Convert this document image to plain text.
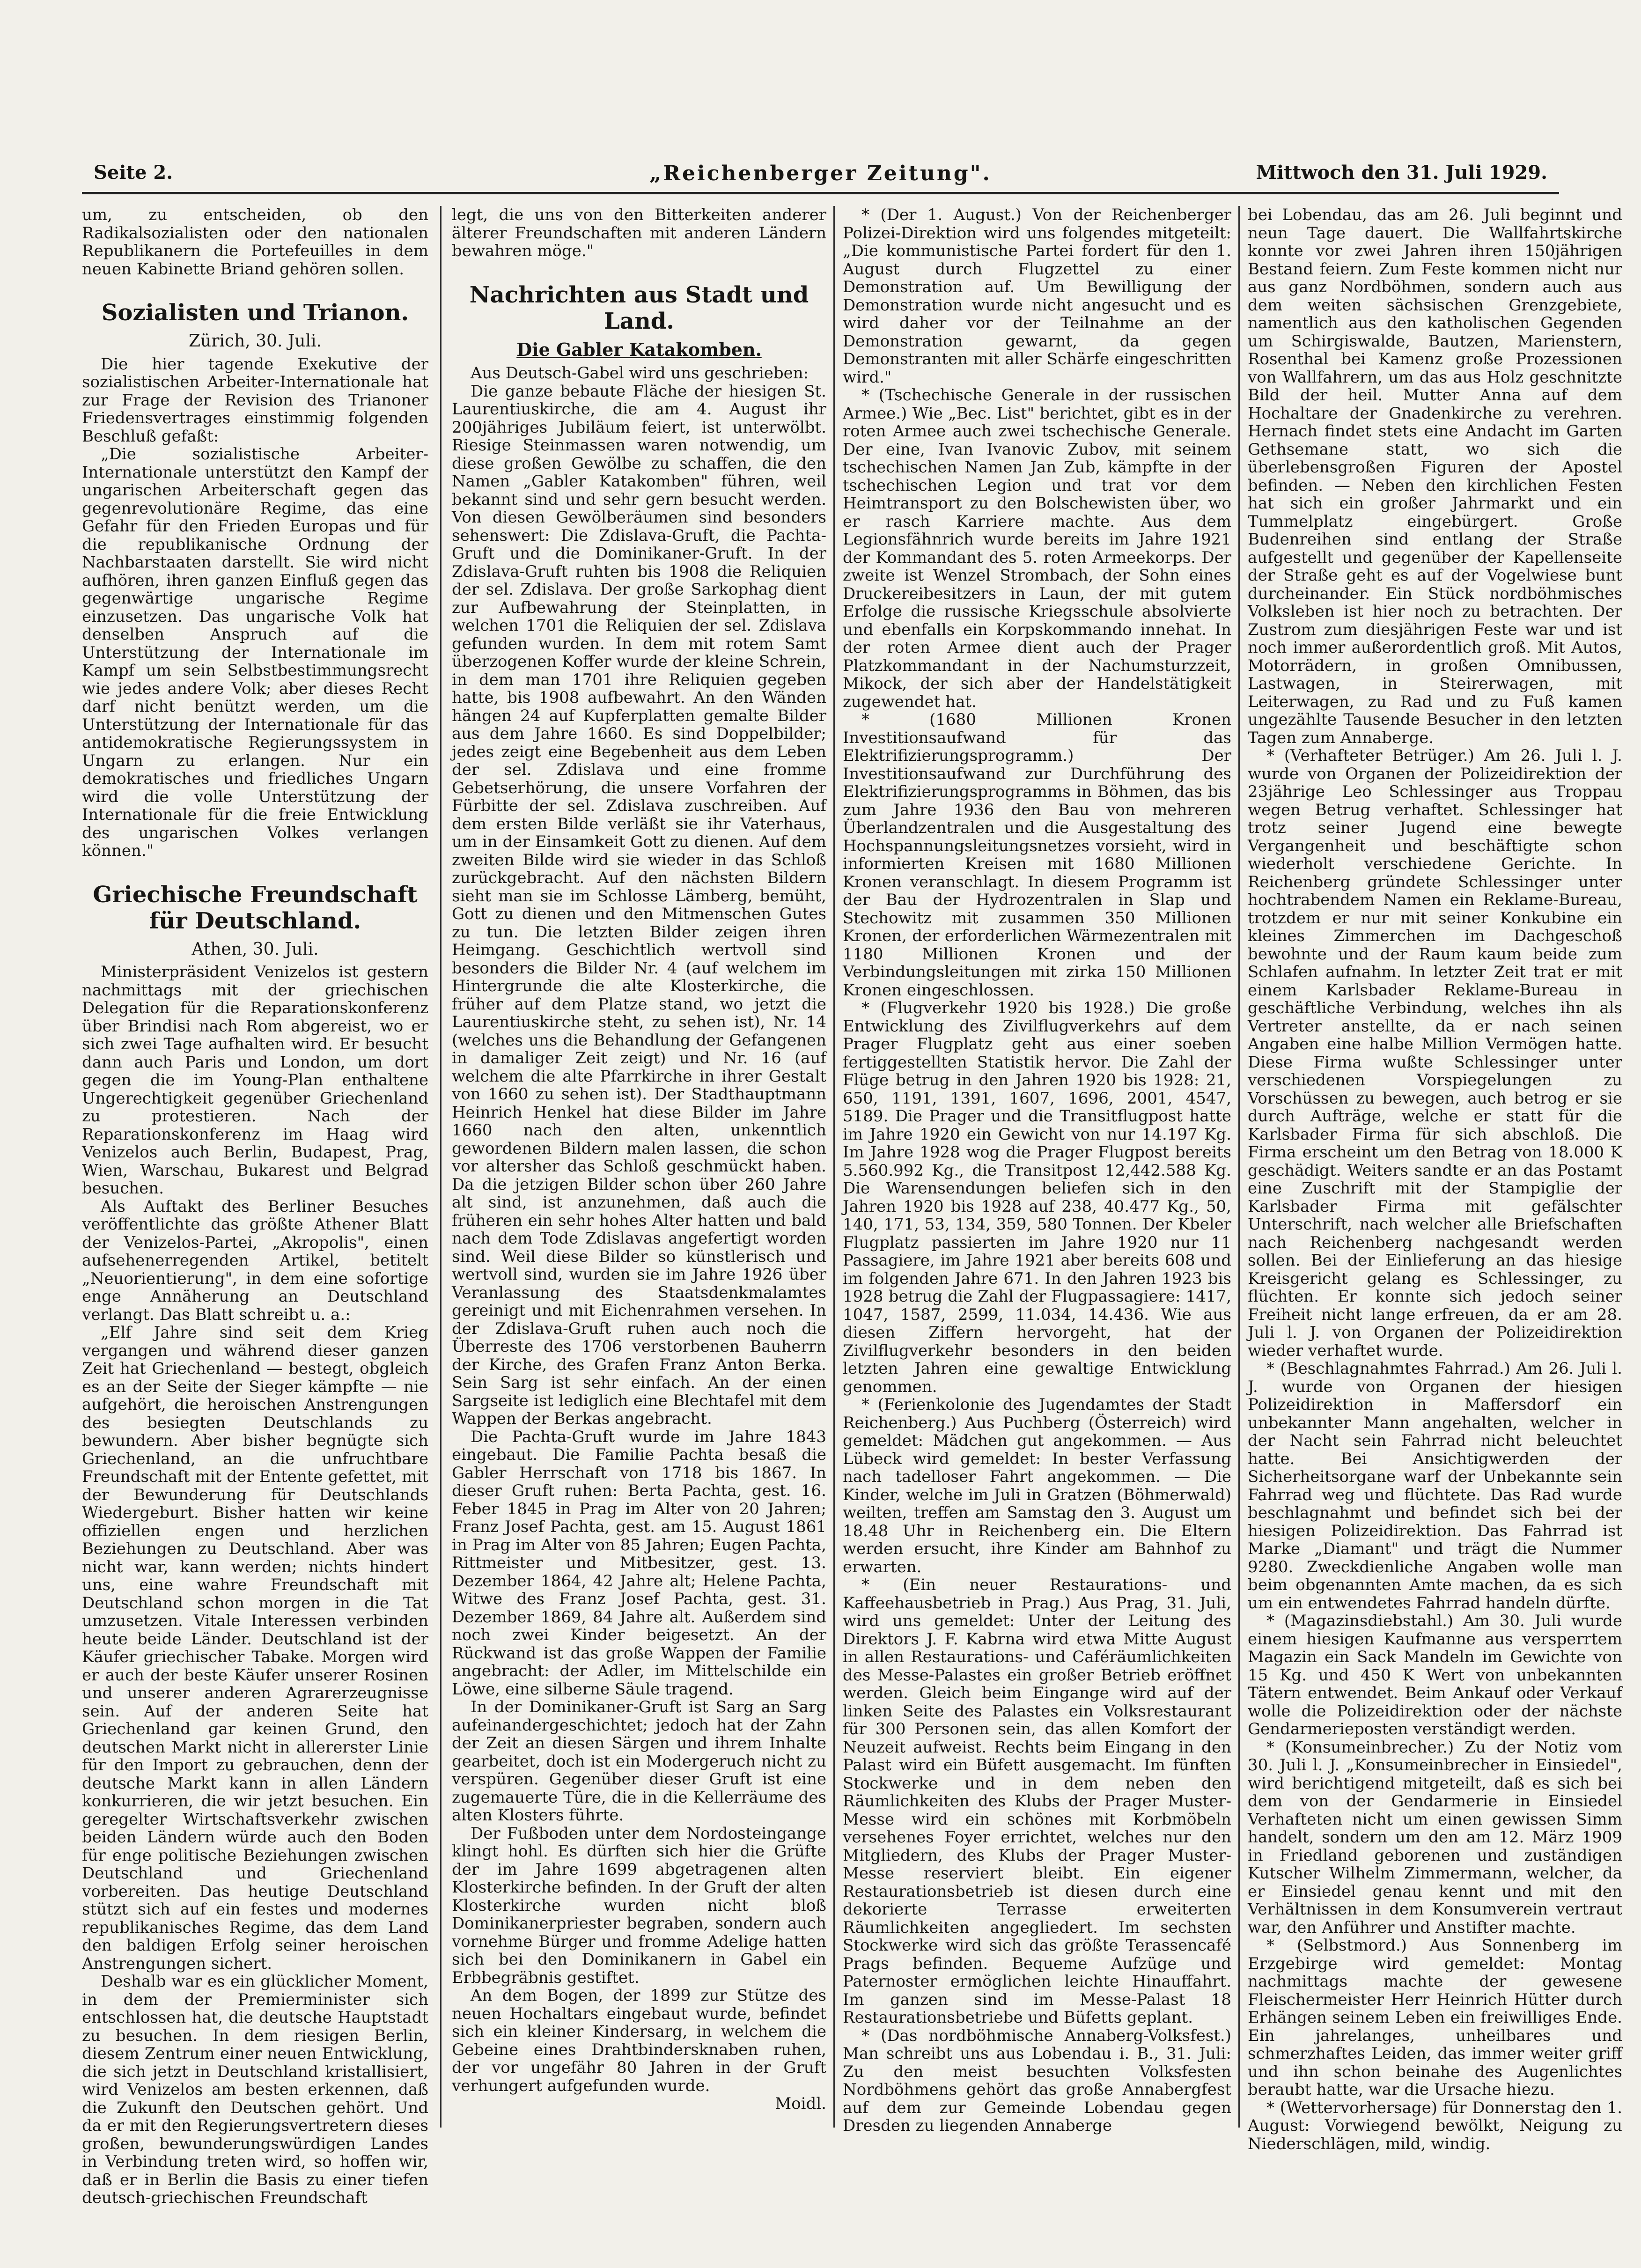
Seite 2.	„Reichenberger Zeitung".	Mittwoch den 31. Juli 1929.

um, zu entscheiden, ob den Radikalsozialisten oder den nationalen Republikanern die Portefeuilles in dem neuen Kabinette Briand gehören sollen.

Sozialisten und Trianon.

Zürich, 30. Juli.

Die hier tagende Exekutive der sozialistischen Arbeiter-Internationale hat zur Frage der Revision des Trianoner Friedensvertrages einstimmig folgenden Beschluß gefaßt:

„Die sozialistische Arbeiter-Internationale unterstützt den Kampf der ungarischen Arbeiterschaft gegen das gegenrevolutionäre Regime, das eine Gefahr für den Frieden Europas und für die republikanische Ordnung der Nachbarstaaten darstellt. Sie wird nicht aufhören, ihren ganzen Einfluß gegen das gegenwärtige ungarische Regime einzusetzen. Das ungarische Volk hat denselben Anspruch auf die Unterstützung der Internationale im Kampf um sein Selbstbestimmungsrecht wie jedes andere Volk; aber dieses Recht darf nicht benützt werden, um die Unterstützung der Internationale für das antidemokratische Regierungssystem in Ungarn zu erlangen. Nur ein demokratisches und friedliches Ungarn wird die volle Unterstützung der Internationale für die freie Entwicklung des ungarischen Volkes verlangen können."

Griechische Freundschaft für Deutschland.

Athen, 30. Juli.

Ministerpräsident Venizelos ist gestern nachmittags mit der griechischen Delegation für die Reparationskonferenz über Brindisi nach Rom abgereist, wo er sich zwei Tage aufhalten wird. Er besucht dann auch Paris und London, um dort gegen die im Young-Plan enthaltene Ungerechtigkeit gegenüber Griechenland zu protestieren. Nach der Reparationskonferenz im Haag wird Venizelos auch Berlin, Budapest, Prag, Wien, Warschau, Bukarest und Belgrad besuchen.

Als Auftakt des Berliner Besuches veröffentlichte das größte Athener Blatt der Venizelos-Partei, „Akropolis", einen aufsehenerregenden Artikel, betitelt „Neuorientierung", in dem eine sofortige enge Annäherung an Deutschland verlangt. Das Blatt schreibt u. a.:

„Elf Jahre sind seit dem Krieg vergangen und während dieser ganzen Zeit hat Griechenland — bestegt, obgleich es an der Seite der Sieger kämpfte — nie aufgehört, die heroischen Anstrengungen des besiegten Deutschlands zu bewundern. Aber bisher begnügte sich Griechenland, an die unfruchtbare Freundschaft mit der Entente gefettet, mit der Bewunderung für Deutschlands Wiedergeburt. Bisher hatten wir keine offiziellen engen und herzlichen Beziehungen zu Deutschland. Aber was nicht war, kann werden; nichts hindert uns, eine wahre Freundschaft mit Deutschland schon morgen in die Tat umzusetzen. Vitale Interessen verbinden heute beide Länder. Deutschland ist der Käufer griechischer Tabake. Morgen wird er auch der beste Käufer unserer Rosinen und unserer anderen Agrarerzeugnisse sein. Auf der anderen Seite hat Griechenland gar keinen Grund, den deutschen Markt nicht in allererster Linie für den Import zu gebrauchen, denn der deutsche Markt kann in allen Ländern konkurrieren, die wir jetzt besuchen. Ein geregelter Wirtschaftsverkehr zwischen beiden Ländern würde auch den Boden für enge politische Beziehungen zwischen Deutschland und Griechenland vorbereiten. Das heutige Deutschland stützt sich auf ein festes und modernes republikanisches Regime, das dem Land den baldigen Erfolg seiner heroischen Anstrengungen sichert.

Deshalb war es ein glücklicher Moment, in dem der Premierminister sich entschlossen hat, die deutsche Hauptstadt zu besuchen. In dem riesigen Berlin, diesem Zentrum einer neuen Entwicklung, die sich jetzt in Deutschland kristallisiert, wird Venizelos am besten erkennen, daß die Zukunft den Deutschen gehört. Und da er mit den Regierungsvertretern dieses großen, bewunderungswürdigen Landes in Verbindung treten wird, so hoffen wir, daß er in Berlin die Basis zu einer tiefen deutsch-griechischen Freundschaft

legt, die uns von den Bitterkeiten anderer älterer Freundschaften mit anderen Ländern bewahren möge."

Nachrichten aus Stadt und Land.
Die Gabler Katakomben.

Aus Deutsch-Gabel wird uns geschrieben:

Die ganze bebaute Fläche der hiesigen St. Laurentiuskirche, die am 4. August ihr 200jähriges Jubiläum feiert, ist unterwölbt. Riesige Steinmassen waren notwendig, um diese großen Gewölbe zu schaffen, die den Namen „Gabler Katakomben" führen, weil bekannt sind und sehr gern besucht werden. Von diesen Gewölberäumen sind besonders sehenswert: Die Zdislava-Gruft, die Pachta-Gruft und die Dominikaner-Gruft. In der Zdislava-Gruft ruhten bis 1908 die Reliquien der sel. Zdislava. Der große Sarkophag dient zur Aufbewahrung der Steinplatten, in welchen 1701 die Reliquien der sel. Zdislava gefunden wurden. In dem mit rotem Samt überzogenen Koffer wurde der kleine Schrein, in dem man 1701 ihre Reliquien gegeben hatte, bis 1908 aufbewahrt. An den Wänden hängen 24 auf Kupferplatten gemalte Bilder aus dem Jahre 1660. Es sind Doppelbilder; jedes zeigt eine Begebenheit aus dem Leben der sel. Zdislava und eine fromme Gebetserhörung, die unsere Vorfahren der Fürbitte der sel. Zdislava zuschreiben. Auf dem ersten Bilde verläßt sie ihr Vaterhaus, um in der Einsamkeit Gott zu dienen. Auf dem zweiten Bilde wird sie wieder in das Schloß zurückgebracht. Auf den nächsten Bildern sieht man sie im Schlosse Lämberg, bemüht, Gott zu dienen und den Mitmenschen Gutes zu tun. Die letzten Bilder zeigen ihren Heimgang. Geschichtlich wertvoll sind besonders die Bilder Nr. 4 (auf welchem im Hintergrunde die alte Klosterkirche, die früher auf dem Platze stand, wo jetzt die Laurentiuskirche steht, zu sehen ist), Nr. 14 (welches uns die Behandlung der Gefangenen in damaliger Zeit zeigt) und Nr. 16 (auf welchem die alte Pfarrkirche in ihrer Gestalt von 1660 zu sehen ist). Der Stadthauptmann Heinrich Henkel hat diese Bilder im Jahre 1660 nach den alten, unkenntlich gewordenen Bildern malen lassen, die schon vor altersher das Schloß geschmückt haben. Da die jetzigen Bilder schon über 260 Jahre alt sind, ist anzunehmen, daß auch die früheren ein sehr hohes Alter hatten und bald nach dem Tode Zdislavas angefertigt worden sind. Weil diese Bilder so künstlerisch und wertvoll sind, wurden sie im Jahre 1926 über Veranlassung des Staatsdenkmalamtes gereinigt und mit Eichenrahmen versehen. In der Zdislava-Gruft ruhen auch noch die Überreste des 1706 verstorbenen Bauherrn der Kirche, des Grafen Franz Anton Berka. Sein Sarg ist sehr einfach. An der einen Sargseite ist lediglich eine Blechtafel mit dem Wappen der Berkas angebracht.

Die Pachta-Gruft wurde im Jahre 1843 eingebaut. Die Familie Pachta besaß die Gabler Herrschaft von 1718 bis 1867. In dieser Gruft ruhen: Berta Pachta, gest. 16. Feber 1845 in Prag im Alter von 20 Jahren; Franz Josef Pachta, gest. am 15. August 1861 in Prag im Alter von 85 Jahren; Eugen Pachta, Rittmeister und Mitbesitzer, gest. 13. Dezember 1864, 42 Jahre alt; Helene Pachta, Witwe des Franz Josef Pachta, gest. 31. Dezember 1869, 84 Jahre alt. Außerdem sind noch zwei Kinder beigesetzt. An der Rückwand ist das große Wappen der Familie angebracht: der Adler, im Mittelschilde ein Löwe, eine silberne Säule tragend.

In der Dominikaner-Gruft ist Sarg an Sarg aufeinandergeschichtet; jedoch hat der Zahn der Zeit an diesen Särgen und ihrem Inhalte gearbeitet, doch ist ein Modergeruch nicht zu verspüren. Gegenüber dieser Gruft ist eine zugemauerte Türe, die in die Kellerräume des alten Klosters führte.

Der Fußboden unter dem Nordosteingange klingt hohl. Es dürften sich hier die Grüfte der im Jahre 1699 abgetragenen alten Klosterkirche befinden. In der Gruft der alten Klosterkirche wurden nicht bloß Dominikanerpriester begraben, sondern auch vornehme Bürger und fromme Adelige hatten sich bei den Dominikanern in Gabel ein Erbbegräbnis gestiftet.

An dem Bogen, der 1899 zur Stütze des neuen Hochaltars eingebaut wurde, befindet sich ein kleiner Kindersarg, in welchem die Gebeine eines Drahtbindersknaben ruhen, der vor ungefähr 80 Jahren in der Gruft verhungert aufgefunden wurde.

Moidl.

* (Der 1. August.) Von der Reichenberger Polizei-Direktion wird uns folgendes mitgeteilt: „Die kommunistische Partei fordert für den 1. August durch Flugzettel zu einer Demonstration auf. Um Bewilligung der Demonstration wurde nicht angesucht und es wird daher vor der Teilnahme an der Demonstration gewarnt, da gegen Demonstranten mit aller Schärfe eingeschritten wird."

* (Tschechische Generale in der russischen Armee.) Wie „Bec. List" berichtet, gibt es in der roten Armee auch zwei tschechische Generale. Der eine, Ivan Ivanovic Zubov, mit seinem tschechischen Namen Jan Zub, kämpfte in der tschechischen Legion und trat vor dem Heimtransport zu den Bolschewisten über, wo er rasch Karriere machte. Aus dem Legionsfähnrich wurde bereits im Jahre 1921 der Kommandant des 5. roten Armeekorps. Der zweite ist Wenzel Strombach, der Sohn eines Druckereibesitzers in Laun, der mit gutem Erfolge die russische Kriegsschule absolvierte und ebenfalls ein Korpskommando innehat. In der roten Armee dient auch der Prager Platzkommandant in der Nachumsturzzeit, Mikock, der sich aber der Handelstätigkeit zugewendet hat.

* (1680 Millionen Kronen Investitionsaufwand für das Elektrifizierungsprogramm.) Der Investitionsaufwand zur Durchführung des Elektrifizierungsprogramms in Böhmen, das bis zum Jahre 1936 den Bau von mehreren Überlandzentralen und die Ausgestaltung des Hochspannungsleitungsnetzes vorsieht, wird in informierten Kreisen mit 1680 Millionen Kronen veranschlagt. In diesem Programm ist der Bau der Hydrozentralen in Slap und Stechowitz mit zusammen 350 Millionen Kronen, der erforderlichen Wärmezentralen mit 1180 Millionen Kronen und der Verbindungsleitungen mit zirka 150 Millionen Kronen eingeschlossen.

* (Flugverkehr 1920 bis 1928.) Die große Entwicklung des Zivilflugverkehrs auf dem Prager Flugplatz geht aus einer soeben fertiggestellten Statistik hervor. Die Zahl der Flüge betrug in den Jahren 1920 bis 1928: 21, 650, 1191, 1391, 1607, 1696, 2001, 4547, 5189. Die Prager und die Transitflugpost hatte im Jahre 1920 ein Gewicht von nur 14.197 Kg. Im Jahre 1928 wog die Prager Flugpost bereits 5.560.992 Kg., die Transitpost 12,442.588 Kg. Die Warensendungen beliefen sich in den Jahren 1920 bis 1928 auf 238, 40.477 Kg., 50, 140, 171, 53, 134, 359, 580 Tonnen. Der Kbeler Flugplatz passierten im Jahre 1920 nur 11 Passagiere, im Jahre 1921 aber bereits 608 und im folgenden Jahre 671. In den Jahren 1923 bis 1928 betrug die Zahl der Flugpassagiere: 1417, 1047, 1587, 2599, 11.034, 14.436. Wie aus diesen Ziffern hervorgeht, hat der Zivilflugverkehr besonders in den beiden letzten Jahren eine gewaltige Entwicklung genommen.

* (Ferienkolonie des Jugendamtes der Stadt Reichenberg.) Aus Puchberg (Österreich) wird gemeldet: Mädchen gut angekommen. — Aus Lübeck wird gemeldet: In bester Verfassung nach tadelloser Fahrt angekommen. — Die Kinder, welche im Juli in Gratzen (Böhmerwald) weilten, treffen am Samstag den 3. August um 18.48 Uhr in Reichenberg ein. Die Eltern werden ersucht, ihre Kinder am Bahnhof zu erwarten.

* (Ein neuer Restaurations- und Kaffeehausbetrieb in Prag.) Aus Prag, 31. Juli, wird uns gemeldet: Unter der Leitung des Direktors J. F. Kabrna wird etwa Mitte August in allen Restaurations- und Caféräumlichkeiten des Messe-Palastes ein großer Betrieb eröffnet werden. Gleich beim Eingange wird auf der linken Seite des Palastes ein Volksrestaurant für 300 Personen sein, das allen Komfort der Neuzeit aufweist. Rechts beim Eingang in den Palast wird ein Büfett ausgemacht. Im fünften Stockwerke und in dem neben den Räumlichkeiten des Klubs der Prager Muster-Messe wird ein schönes mit Korbmöbeln versehenes Foyer errichtet, welches nur den Mitgliedern, des Klubs der Prager Muster-Messe reserviert bleibt. Ein eigener Restaurationsbetrieb ist diesen durch eine dekorierte Terrasse erweiterten Räumlichkeiten angegliedert. Im sechsten Stockwerke wird sich das größte Terassencafé Prags befinden. Bequeme Aufzüge und Paternoster ermöglichen leichte Hinauffahrt. Im ganzen sind im Messe-Palast 18 Restaurationsbetriebe und Büfetts geplant.

* (Das nordböhmische Annaberg-Volksfest.) Man schreibt uns aus Lobendau i. B., 31. Juli: Zu den meist besuchten Volksfesten Nordböhmens gehört das große Annabergfest auf dem zur Gemeinde Lobendau gegen Dresden zu liegenden Annaberge

bei Lobendau, das am 26. Juli beginnt und neun Tage dauert. Die Wallfahrtskirche konnte vor zwei Jahren ihren 150jährigen Bestand feiern. Zum Feste kommen nicht nur aus ganz Nordböhmen, sondern auch aus dem weiten sächsischen Grenzgebiete, namentlich aus den katholischen Gegenden um Schirgiswalde, Bautzen, Marienstern, Rosenthal bei Kamenz große Prozessionen von Wallfahrern, um das aus Holz geschnitzte Bild der heil. Mutter Anna auf dem Hochaltare der Gnadenkirche zu verehren. Hernach findet stets eine Andacht im Garten Gethsemane statt, wo sich die überlebensgroßen Figuren der Apostel befinden. — Neben den kirchlichen Festen hat sich ein großer Jahrmarkt und ein Tummelplatz eingebürgert. Große Budenreihen sind entlang der Straße aufgestellt und gegenüber der Kapellenseite der Straße geht es auf der Vogelwiese bunt durcheinander. Ein Stück nordböhmisches Volksleben ist hier noch zu betrachten. Der Zustrom zum diesjährigen Feste war und ist noch immer außerordentlich groß. Mit Autos, Motorrädern, in großen Omnibussen, Lastwagen, in Steirerwagen, mit Leiterwagen, zu Rad und zu Fuß kamen ungezählte Tausende Besucher in den letzten Tagen zum Annaberge.

* (Verhafteter Betrüger.) Am 26. Juli l. J. wurde von Organen der Polizeidirektion der 23jährige Leo Schlessinger aus Troppau wegen Betrug verhaftet. Schlessinger hat trotz seiner Jugend eine bewegte Vergangenheit und beschäftigte schon wiederholt verschiedene Gerichte. In Reichenberg gründete Schlessinger unter hochtrabendem Namen ein Reklame-Bureau, trotzdem er nur mit seiner Konkubine ein kleines Zimmerchen im Dachgeschoß bewohnte und der Raum kaum beide zum Schlafen aufnahm. In letzter Zeit trat er mit einem Karlsbader Reklame-Bureau in geschäftliche Verbindung, welches ihn als Vertreter anstellte, da er nach seinen Angaben eine halbe Million Vermögen hatte. Diese Firma wußte Schlessinger unter verschiedenen Vorspiegelungen zu Vorschüssen zu bewegen, auch betrog er sie durch Aufträge, welche er statt für die Karlsbader Firma für sich abschloß. Die Firma erscheint um den Betrag von 18.000 K geschädigt. Weiters sandte er an das Postamt eine Zuschrift mit der Stampiglie der Karlsbader Firma mit gefälschter Unterschrift, nach welcher alle Briefschaften nach Reichenberg nachgesandt werden sollen. Bei der Einlieferung an das hiesige Kreisgericht gelang es Schlessinger, zu flüchten. Er konnte sich jedoch seiner Freiheit nicht lange erfreuen, da er am 28. Juli l. J. von Organen der Polizeidirektion wieder verhaftet wurde.

* (Beschlagnahmtes Fahrrad.) Am 26. Juli l. J. wurde von Organen der hiesigen Polizeidirektion in Maffersdorf ein unbekannter Mann angehalten, welcher in der Nacht sein Fahrrad nicht beleuchtet hatte. Bei Ansichtigwerden der Sicherheitsorgane warf der Unbekannte sein Fahrrad weg und flüchtete. Das Rad wurde beschlagnahmt und befindet sich bei der hiesigen Polizeidirektion. Das Fahrrad ist Marke „Diamant" und trägt die Nummer 9280. Zweckdienliche Angaben wolle man beim obgenannten Amte machen, da es sich um ein entwendetes Fahrrad handeln dürfte.

* (Magazinsdiebstahl.) Am 30. Juli wurde einem hiesigen Kaufmanne aus versperrtem Magazin ein Sack Mandeln im Gewichte von 15 Kg. und 450 K Wert von unbekannten Tätern entwendet. Beim Ankauf oder Verkauf wolle die Polizeidirektion oder der nächste Gendarmerieposten verständigt werden.

* (Konsumeinbrecher.) Zu der Notiz vom 30. Juli l. J. „Konsumeinbrecher in Einsiedel", wird berichtigend mitgeteilt, daß es sich bei dem von der Gendarmerie in Einsiedel Verhafteten nicht um einen gewissen Simm handelt, sondern um den am 12. März 1909 in Friedland geborenen und zuständigen Kutscher Wilhelm Zimmermann, welcher, da er Einsiedel genau kennt und mit den Verhältnissen in dem Konsumverein vertraut war, den Anführer und Anstifter machte.

* (Selbstmord.) Aus Sonnenberg im Erzgebirge wird gemeldet: Montag nachmittags machte der gewesene Fleischermeister Herr Heinrich Hütter durch Erhängen seinem Leben ein freiwilliges Ende. Ein jahrelanges, unheilbares und schmerzhaftes Leiden, das immer weiter griff und ihn schon beinahe des Augenlichtes beraubt hatte, war die Ursache hiezu.

* (Wettervorhersage) für Donnerstag den 1. August: Vorwiegend bewölkt, Neigung zu Niederschlägen, mild, windig.
